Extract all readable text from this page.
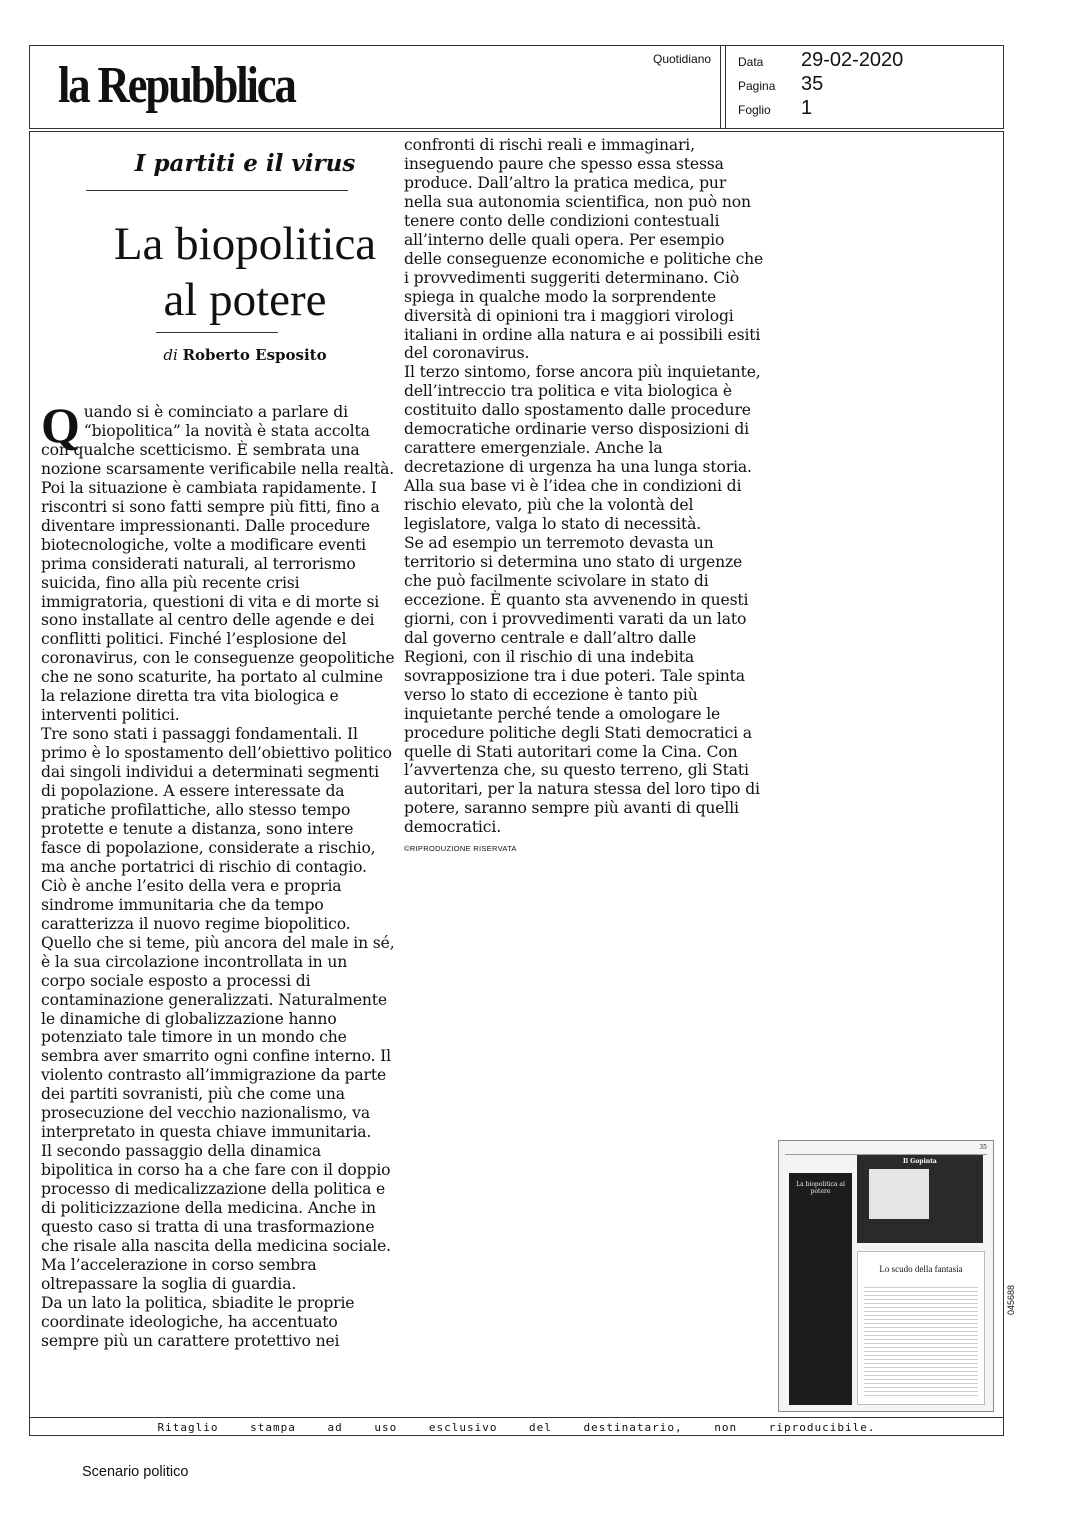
la Repubblica	Quotidiano Data 29-02-2020
Pagina 35
Foglio 1
I partiti e il virus
La biopolitica
al potere
di Roberto Esposito

Quando si è cominciato a parlare di “biopolitica” la novità è stata accolta con qualche scetticismo. È sembrata una nozione scarsamente verificabile nella realtà. Poi la situazione è cambiata rapidamente. I riscontri si sono fatti sempre più fitti, fino a diventare impressionanti. Dalle procedure biotecnologiche, volte a modificare eventi prima considerati naturali, al terrorismo suicida, fino alla più recente crisi immigratoria, questioni di vita e di morte si sono installate al centro delle agende e dei conflitti politici. Finché l’esplosione del coronavirus, con le conseguenze geopolitiche che ne sono scaturite, ha portato al culmine la relazione diretta tra vita biologica e interventi politici.

Tre sono stati i passaggi fondamentali. Il primo è lo spostamento dell’obiettivo politico dai singoli individui a determinati segmenti di popolazione. A essere interessate da pratiche profilattiche, allo stesso tempo protette e tenute a distanza, sono intere fasce di popolazione, considerate a rischio, ma anche portatrici di rischio di contagio. Ciò è anche l’esito della vera e propria sindrome immunitaria che da tempo caratterizza il nuovo regime biopolitico. Quello che si teme, più ancora del male in sé, è la sua circolazione incontrollata in un corpo sociale esposto a processi di contaminazione generalizzati. Naturalmente le dinamiche di globalizzazione hanno potenziato tale timore in un mondo che sembra aver smarrito ogni confine interno. Il violento contrasto all’immigrazione da parte dei partiti sovranisti, più che come una prosecuzione del vecchio nazionalismo, va interpretato in questa chiave immunitaria.

Il secondo passaggio della dinamica bipolitica in corso ha a che fare con il doppio processo di medicalizzazione della politica e di politicizzazione della medicina. Anche in questo caso si tratta di una trasformazione che risale alla nascita della medicina sociale. Ma l’accelerazione in corso sembra oltrepassare la soglia di guardia.

Da un lato la politica, sbiadite le proprie coordinate ideologiche, ha accentuato sempre più un carattere protettivo nei

confronti di rischi reali e immaginari, inseguendo paure che spesso essa stessa produce. Dall’altro la pratica medica, pur nella sua autonomia scientifica, non può non tenere conto delle condizioni contestuali all’interno delle quali opera. Per esempio delle conseguenze economiche e politiche che i provvedimenti suggeriti determinano. Ciò spiega in qualche modo la sorprendente diversità di opinioni tra i maggiori virologi italiani in ordine alla natura e ai possibili esiti del coronavirus.

Il terzo sintomo, forse ancora più inquietante, dell’intreccio tra politica e vita biologica è costituito dallo spostamento dalle procedure democratiche ordinarie verso disposizioni di carattere emergenziale. Anche la decretazione di urgenza ha una lunga storia. Alla sua base vi è l’idea che in condizioni di rischio elevato, più che la volontà del legislatore, valga lo stato di necessità.

Se ad esempio un terremoto devasta un territorio si determina uno stato di urgenze che può facilmente scivolare in stato di eccezione. È quanto sta avvenendo in questi giorni, con i provvedimenti varati da un lato dal governo centrale e dall’altro dalle Regioni, con il rischio di una indebita sovrapposizione tra i due poteri. Tale spinta verso lo stato di eccezione è tanto più inquietante perché tende a omologare le procedure politiche degli Stati democratici a quelle di Stati autoritari come la Cina. Con l’avvertenza che, su questo terreno, gli Stati autoritari, per la natura stessa del loro tipo di potere, saranno sempre più avanti di quelli democratici.

©RIPRODUZIONE RISERVATA
35
La biopolitica al potere
Il Gopinta
Lo scudo della fantasia
045688
Ritaglio stampa ad uso esclusivo del destinatario, non riproducibile.
Scenario politico
